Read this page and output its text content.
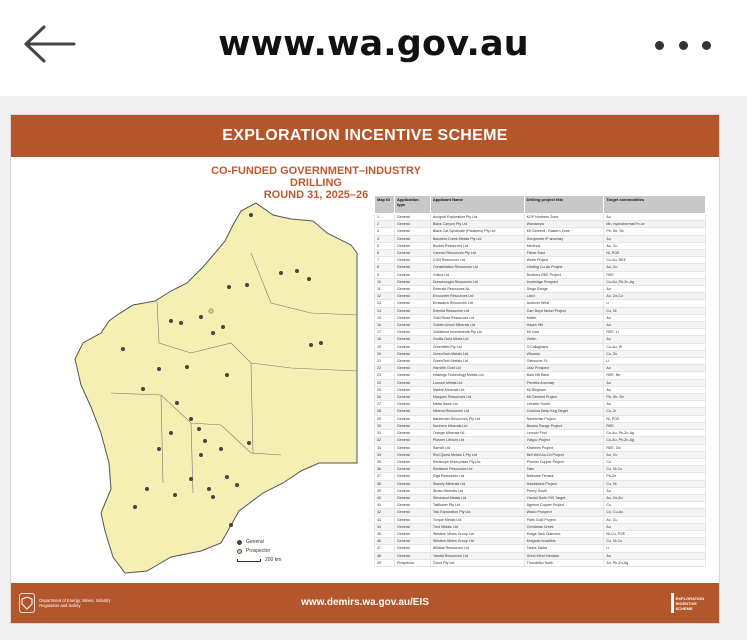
www.wa.gov.au
EXPLORATION INCENTIVE SCHEME
CO-FUNDED GOVERNMENT–INDUSTRY DRILLING
ROUND 31, 2025–26	Map ID	Application type	Applicant Name	Drilling project title	Target commodities
1	General	Aurigold Exploration Pty Ltd	KGP Northern Zone	Au
2	General	Black Canyon Pty Ltd	Wandanya	Mn, hydrothermal Fe-ox
3	General	Black Cat Syndicate (Paulsens) Pty Ltd	Mt Clement - Eastern Zone	Pb, Sb, Sb
4	General	Butchers Creek Metals Pty Ltd	Genymede IP anomaly	Au
5	General	Buxton Resources Ltd	Merlinos	Au, Cu
6	General	Cannon Resources Pty Ltd	Fisher East	Ni, PGE
7	General	CGN Resources Ltd	Webb Project	Cu-Au, REE
8	General	Constellation Resources Ltd	Libeling Cu-Au Project	Au, Cu
9	General	Critica Ltd	Brothers REE Project	REE
10	General	Dreadnought Resources Ltd	Ironbridge Prospect	Cu-Au, Pb-Zn-Ag
11	General	Emerald Resources NL	Dingo Range	Au
12	General	Encounter Resources Ltd	Laird	Au, Zn-Cu
13	General	Errawarra Resources Ltd	Andover West	Li
14	General	Estrella Resources Ltd	Carr Boyd Nickel Project	Cu, Ni
15	General	Gold Road Resources Ltd	Mallet	Au
16	General	Golden Arrow Minerals Ltd	Hayes Hill	Au
17	General	Goldstone Investments Pty Ltd	Mt Livia	REE, Li
18	General	Gorilla Gold Mines Ltd	Vivien	Au
19	General	Greenfield Pty Ltd	O'Callaghans	Cu-Au, W
20	General	GreenTech Metals Ltd	Whundo	Cu, Zn
21	General	GreenTech Metals Ltd	Osbourne JV	Li
22	General	Hamelin Gold Ltd	Jazz Prospect	Au
23	General	Hastings Technology Metals Ltd	Bald Hill Rank	REE, Nb
24	General	Lunnon Metals Ltd	Plentiful Anomaly	Au
25	General	Marble Minerals Ltd	Mt Bingham	Au
26	General	Marquee Resources Ltd	Mt Clement Project	Pb, Sb, Sb
27	General	Metal Hawk Ltd	Leinster South	Au
28	General	Mineral Resources Ltd	Cookina Deep Keg Target	Cu, Zr
29	General	Nanterrian Resources Pty Ltd	Nanterrian Project	Ni, PGE
30	General	Northern Minerals Ltd	Boomo Range Project	REE
31	General	Orange Minerals NL	Lennon Find	Cu-Au, Pb-Zn-Ag
32	General	Pioneer Lithium Ltd	Yalgoo Project	Cu-Au, Pb-Zn-Ag
33	General	Ramelt Ltd	Kharlees Project	REE, Gb
34	General	Red Quest Metals 1 Pty Ltd	Bell Well Au-Cd Project	Au, Cu
35	General	Redscope Enterprises Pty Ltd	Pincher Copper Project	Cu
36	General	Redstone Resources Ltd	Tallu	Cu, Ni-Co
37	General	Siga Resources Ltd	Balbume Terrace	Pb-Zn
38	General	Stavely Minerals Ltd	Hawkstone Project	Cu, Ni
39	General	Strata Minerals Ltd	Penny South	Au
40	General	Strickland Metals Ltd	Yandal North RIS Target	Au, Zn-Au
41	General	Tailflower Pty Ltd	Agenon Copper Project	Cu
42	General	Talc Exploration Pty Ltd	Walco Prospect	Cu, Cu-Au
43	General	Torque Metals Ltd	Paris Gold Project	Au, Cu
44	General	Tred Metals Ltd	Christmas Creek	Au
45	General	Western Mines Group Ltd	Mulga Tank Diamond	Ni-Cu, PGE
46	General	Western Mines Group Ltd	Mulgeak Invadible	Cu, Ni-Co
47	General	Wildcat Resources Ltd	Tabba Tabba	Li
48	General	Yandal Resources Ltd	Grind Wind Intrusion	Au
49	Prospector	Cloud Pty Ltd	Thundelbo North	Au, Pb-Zn-Ag
General
Prospector
200 km
Department of Energy, Mines, Industry Regulation and Safety	www.demirs.wa.gov.au/EIS	EXPLORATION INCENTIVE SCHEME
